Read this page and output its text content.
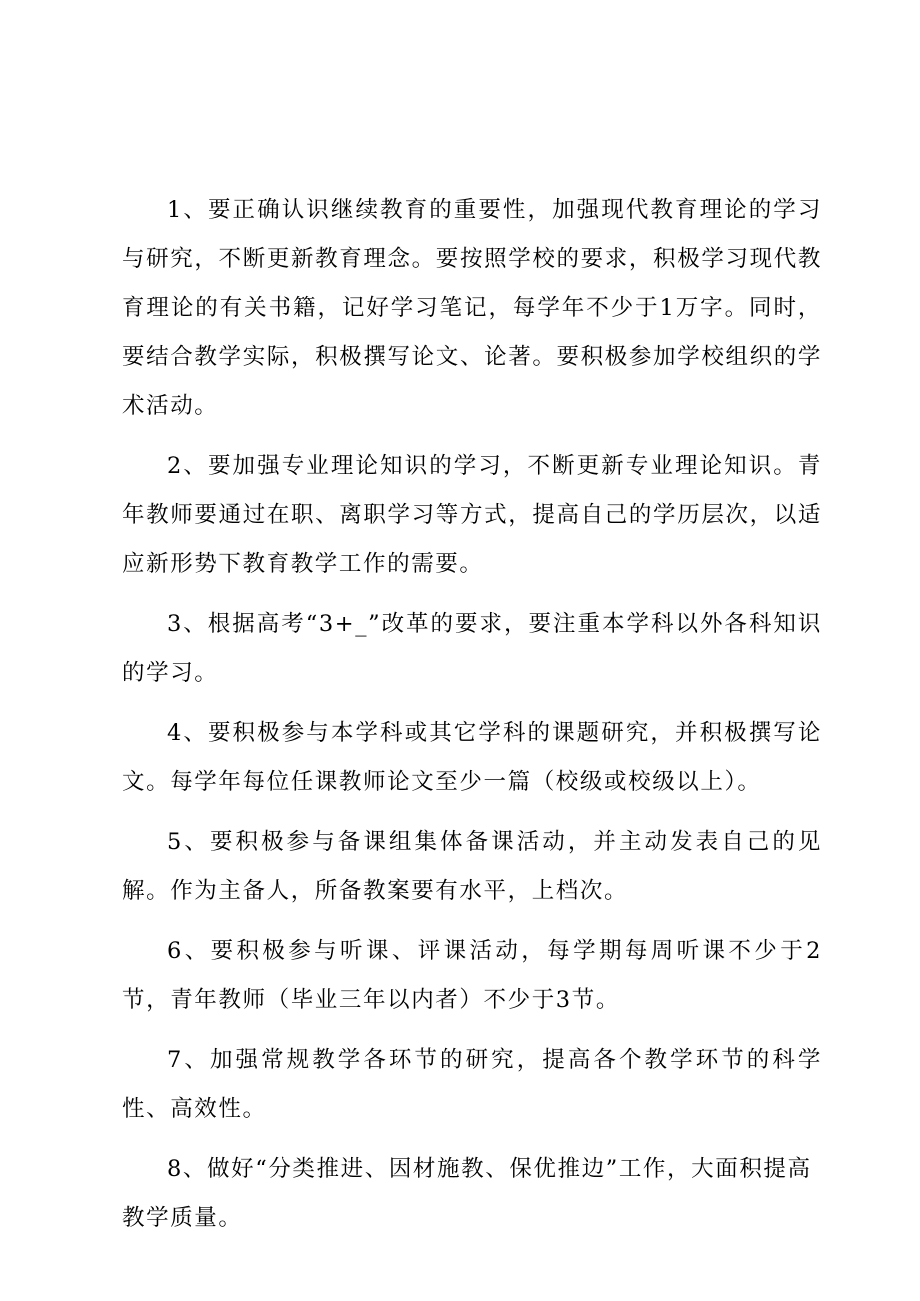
1、要正确认识继续教育的重要性，加强现代教育理论的学习与研究，不断更新教育理念。要按照学校的要求，积极学习现代教育理论的有关书籍，记好学习笔记，每学年不少于1万字。同时，要结合教学实际，积极撰写论文、论著。要积极参加学校组织的学术活动。

2、要加强专业理论知识的学习，不断更新专业理论知识。青年教师要通过在职、离职学习等方式，提高自己的学历层次，以适应新形势下教育教学工作的需要。

3、根据高考“3+_”改革的要求，要注重本学科以外各科知识的学习。

4、要积极参与本学科或其它学科的课题研究，并积极撰写论文。每学年每位任课教师论文至少一篇（校级或校级以上）。

5、要积极参与备课组集体备课活动，并主动发表自己的见解。作为主备人，所备教案要有水平，上档次。

6、要积极参与听课、评课活动，每学期每周听课不少于2节，青年教师（毕业三年以内者）不少于3节。

7、加强常规教学各环节的研究，提高各个教学环节的科学性、高效性。

8、做好“分类推进、因材施教、保优推边”工作，大面积提高教学质量。
